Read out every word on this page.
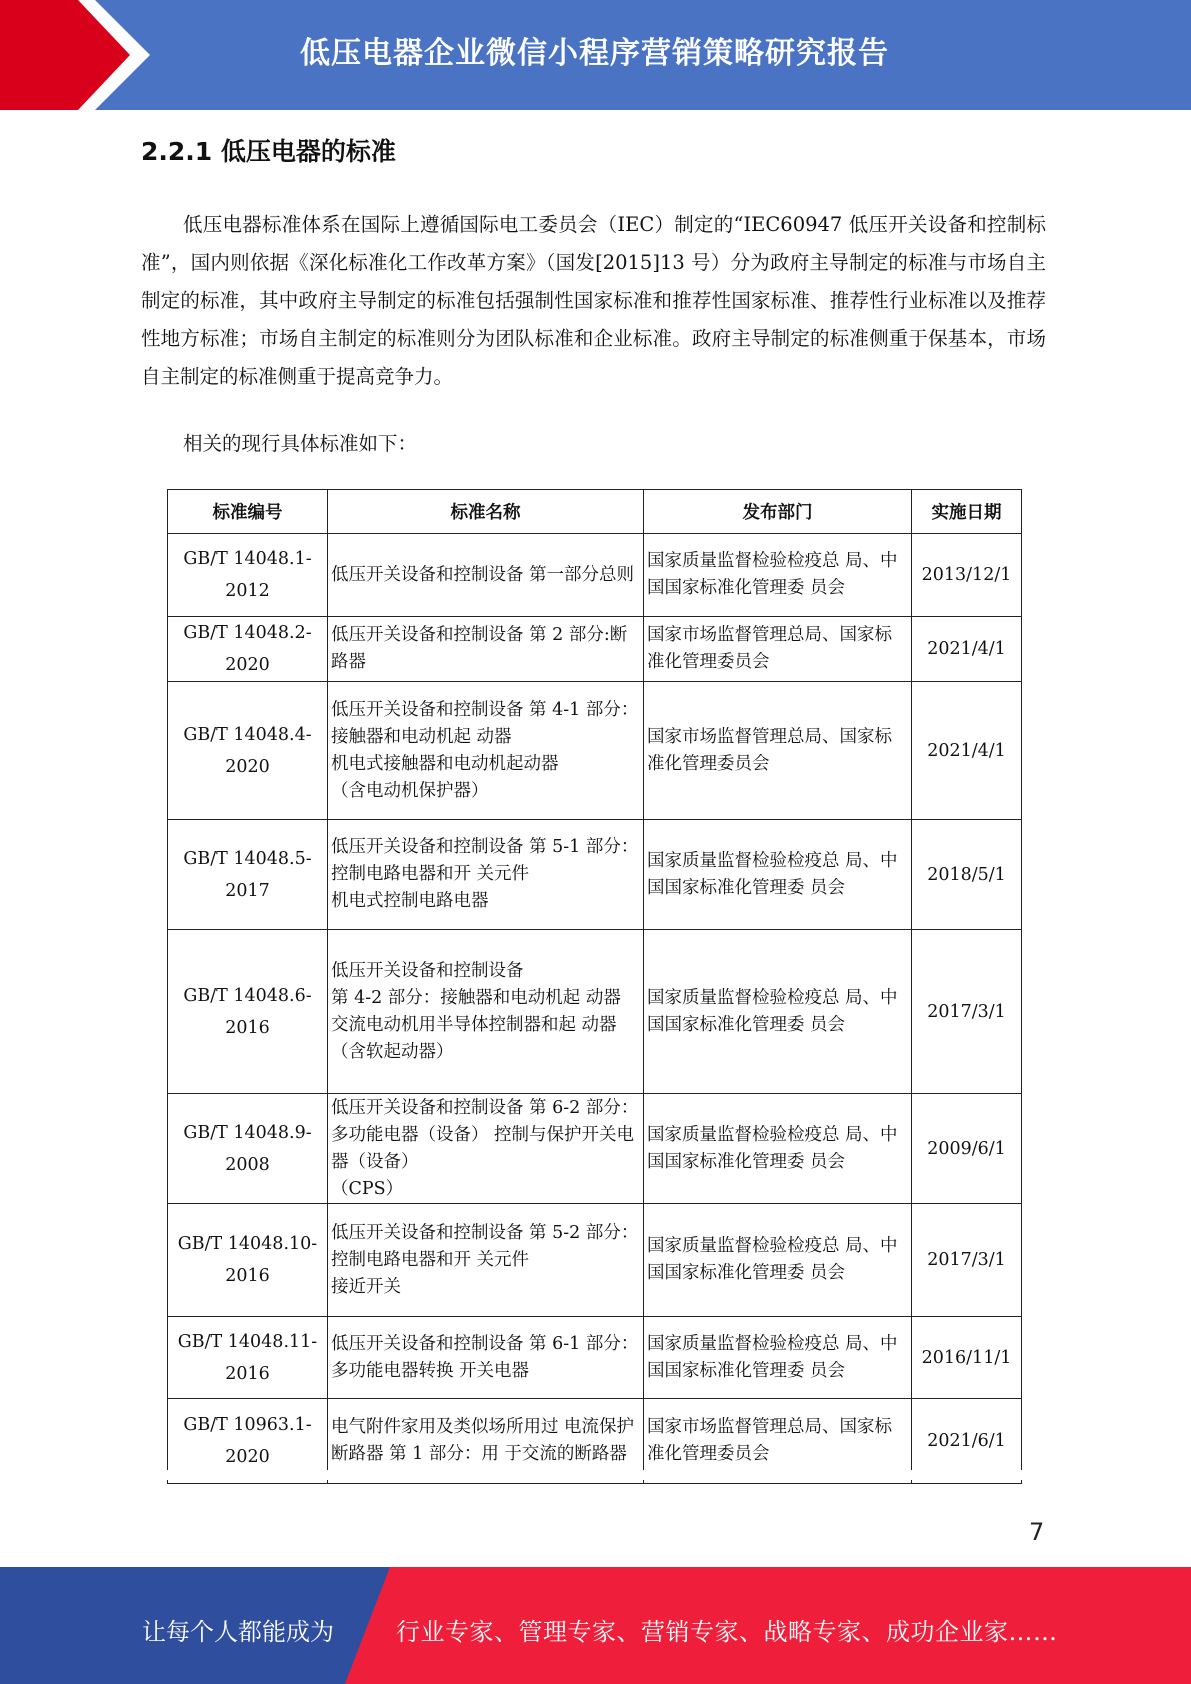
低压电器企业微信小程序营销策略研究报告
2.2.1 低压电器的标准
低压电器标准体系在国际上遵循国际电工委员会（IEC）制定的“IEC60947 低压开关设备和控制标准”，国内则依据《深化标准化工作改革方案》（国发[2015]13 号）分为政府主导制定的标准与市场自主制定的标准，其中政府主导制定的标准包括强制性国家标准和推荐性国家标准、推荐性行业标准以及推荐性地方标准；市场自主制定的标准则分为团队标准和企业标准。政府主导制定的标准侧重于保基本，市场自主制定的标准侧重于提高竞争力。
相关的现行具体标准如下：
标准编号	标准名称	发布部门	实施日期
GB/T 14048.1-2012	低压开关设备和控制设备 第一部分总则	国家质量监督检验检疫总 局、中国国家标准化管理委 员会	2013/12/1
GB/T 14048.2-2020	低压开关设备和控制设备 第 2 部分:断路器	国家市场监督管理总局、国家标准化管理委员会	2021/4/1
GB/T 14048.4-2020	低压开关设备和控制设备 第 4-1 部分：接触器和电动机起 动器
机电式接触器和电动机起动器
（含电动机保护器）	国家市场监督管理总局、国家标准化管理委员会	2021/4/1
GB/T 14048.5-2017	低压开关设备和控制设备 第 5-1 部分：控制电路电器和开 关元件
机电式控制电路电器	国家质量监督检验检疫总 局、中国国家标准化管理委 员会	2018/5/1
GB/T 14048.6-2016	低压开关设备和控制设备
第 4-2 部分：接触器和电动机起 动器
交流电动机用半导体控制器和起 动器
（含软起动器）	国家质量监督检验检疫总 局、中国国家标准化管理委 员会	2017/3/1
GB/T 14048.9-2008	低压开关设备和控制设备 第 6-2 部分：多功能电器（设备） 控制与保护开关电器（设备）
（CPS）	国家质量监督检验检疫总 局、中国国家标准化管理委 员会	2009/6/1
GB/T 14048.10-2016	低压开关设备和控制设备 第 5-2 部分：控制电路电器和开 关元件
接近开关	国家质量监督检验检疫总 局、中国国家标准化管理委 员会	2017/3/1
GB/T 14048.11-2016	低压开关设备和控制设备 第 6-1 部分：多功能电器转换 开关电器	国家质量监督检验检疫总 局、中国国家标准化管理委 员会	2016/11/1
GB/T 10963.1-2020	电气附件家用及类似场所用过 电流保护断路器 第 1 部分：用 于交流的断路器	国家市场监督管理总局、国家标准化管理委员会	2021/6/1
7
让每个人都能成为	行业专家、管理专家、营销专家、战略专家、成功企业家……
